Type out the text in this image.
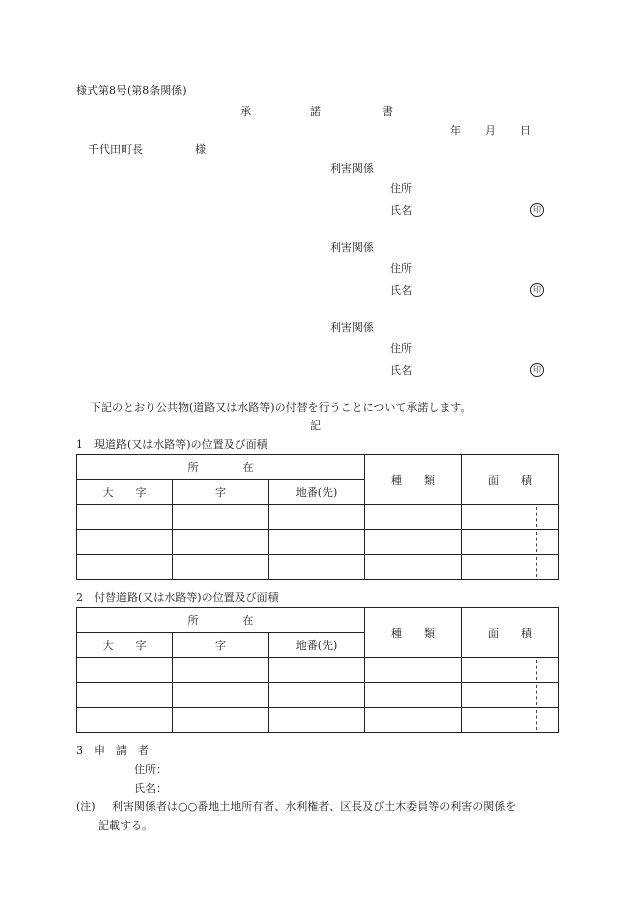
様式第8号(第8条関係)
承	諾	書
年 月 日
千代田町長	様
利害関係
住所
氏名	印
利害関係
住所
氏名	印
利害関係
住所
氏名	印
下記のとおり公共物(道路又は水路等)の付替を行うことについて承諾します。
記
1　現道路(又は水路等)の位置及び面積
所　　　　在			種　　類	面　　積
大　　字	字	地番(先)		

2　付替道路(又は水路等)の位置及び面積
所　　　　在			種　　類	面　　積
大　　字	字	地番(先)		

3　申　請　者
住所：
氏名：
(注) 利害関係者は○○番地土地所有者、水利権者、区長及び土木委員等の利害の関係を
記載する。
